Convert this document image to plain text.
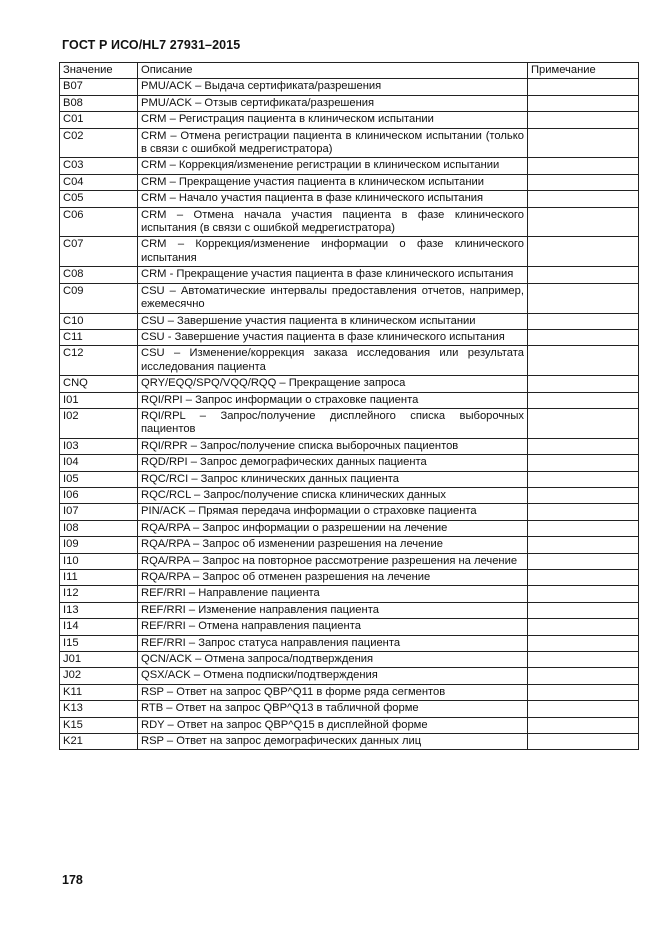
ГОСТ Р ИСО/HL7 27931–2015
Значение	Описание	Примечание
B07	PMU/ACK – Выдача сертификата/разрешения	
B08	PMU/ACK – Отзыв сертификата/разрешения	
C01	CRM – Регистрация пациента в клиническом испытании	
C02	CRM – Отмена регистрации пациента в клиническом испытании (только в связи с ошибкой медрегистратора)	
C03	CRM – Коррекция/изменение регистрации в клиническом испытании	
C04	CRM – Прекращение участия пациента в клиническом испытании	
C05	CRM – Начало участия пациента в фазе клинического испытания	
C06	CRM – Отмена начала участия пациента в фазе клинического испытания (в связи с ошибкой медрегистратора)	
C07	CRM – Коррекция/изменение информации о фазе клинического испытания	
C08	CRM - Прекращение участия пациента в фазе клинического испытания	
C09	CSU – Автоматические интервалы предоставления отчетов, например, ежемесячно	
C10	CSU – Завершение участия пациента в клиническом испытании	
C11	CSU - Завершение участия пациента в фазе клинического испытания	
C12	CSU – Изменение/коррекция заказа исследования или результата исследования пациента	
CNQ	QRY/EQQ/SPQ/VQQ/RQQ – Прекращение запроса	
I01	RQI/RPI – Запрос информации о страховке пациента	
I02	RQI/RPL – Запрос/получение дисплейного списка выборочных пациентов	
I03	RQI/RPR – Запрос/получение списка выборочных пациентов	
I04	RQD/RPI – Запрос демографических данных пациента	
I05	RQC/RCI – Запрос клинических данных пациента	
I06	RQC/RCL – Запрос/получение списка клинических данных	
I07	PIN/ACK – Прямая передача информации о страховке пациента	
I08	RQA/RPA – Запрос информации о разрешении на лечение	
I09	RQA/RPA – Запрос об изменении разрешения на лечение	
I10	RQA/RPA – Запрос на повторное рассмотрение разрешения на лечение	
I11	RQA/RPA – Запрос об отменен разрешения на лечение	
I12	REF/RRI – Направление пациента	
I13	REF/RRI – Изменение направления пациента	
I14	REF/RRI – Отмена направления пациента	
I15	REF/RRI – Запрос статуса направления пациента	
J01	QCN/ACK – Отмена запроса/подтверждения	
J02	QSX/ACK – Отмена подписки/подтверждения	
K11	RSP – Ответ на запрос QBP^Q11 в форме ряда сегментов	
K13	RTB – Ответ на запрос QBP^Q13 в табличной форме	
K15	RDY – Ответ на запрос QBP^Q15 в дисплейной форме	
K21	RSP – Ответ на запрос демографических данных лиц	
178
